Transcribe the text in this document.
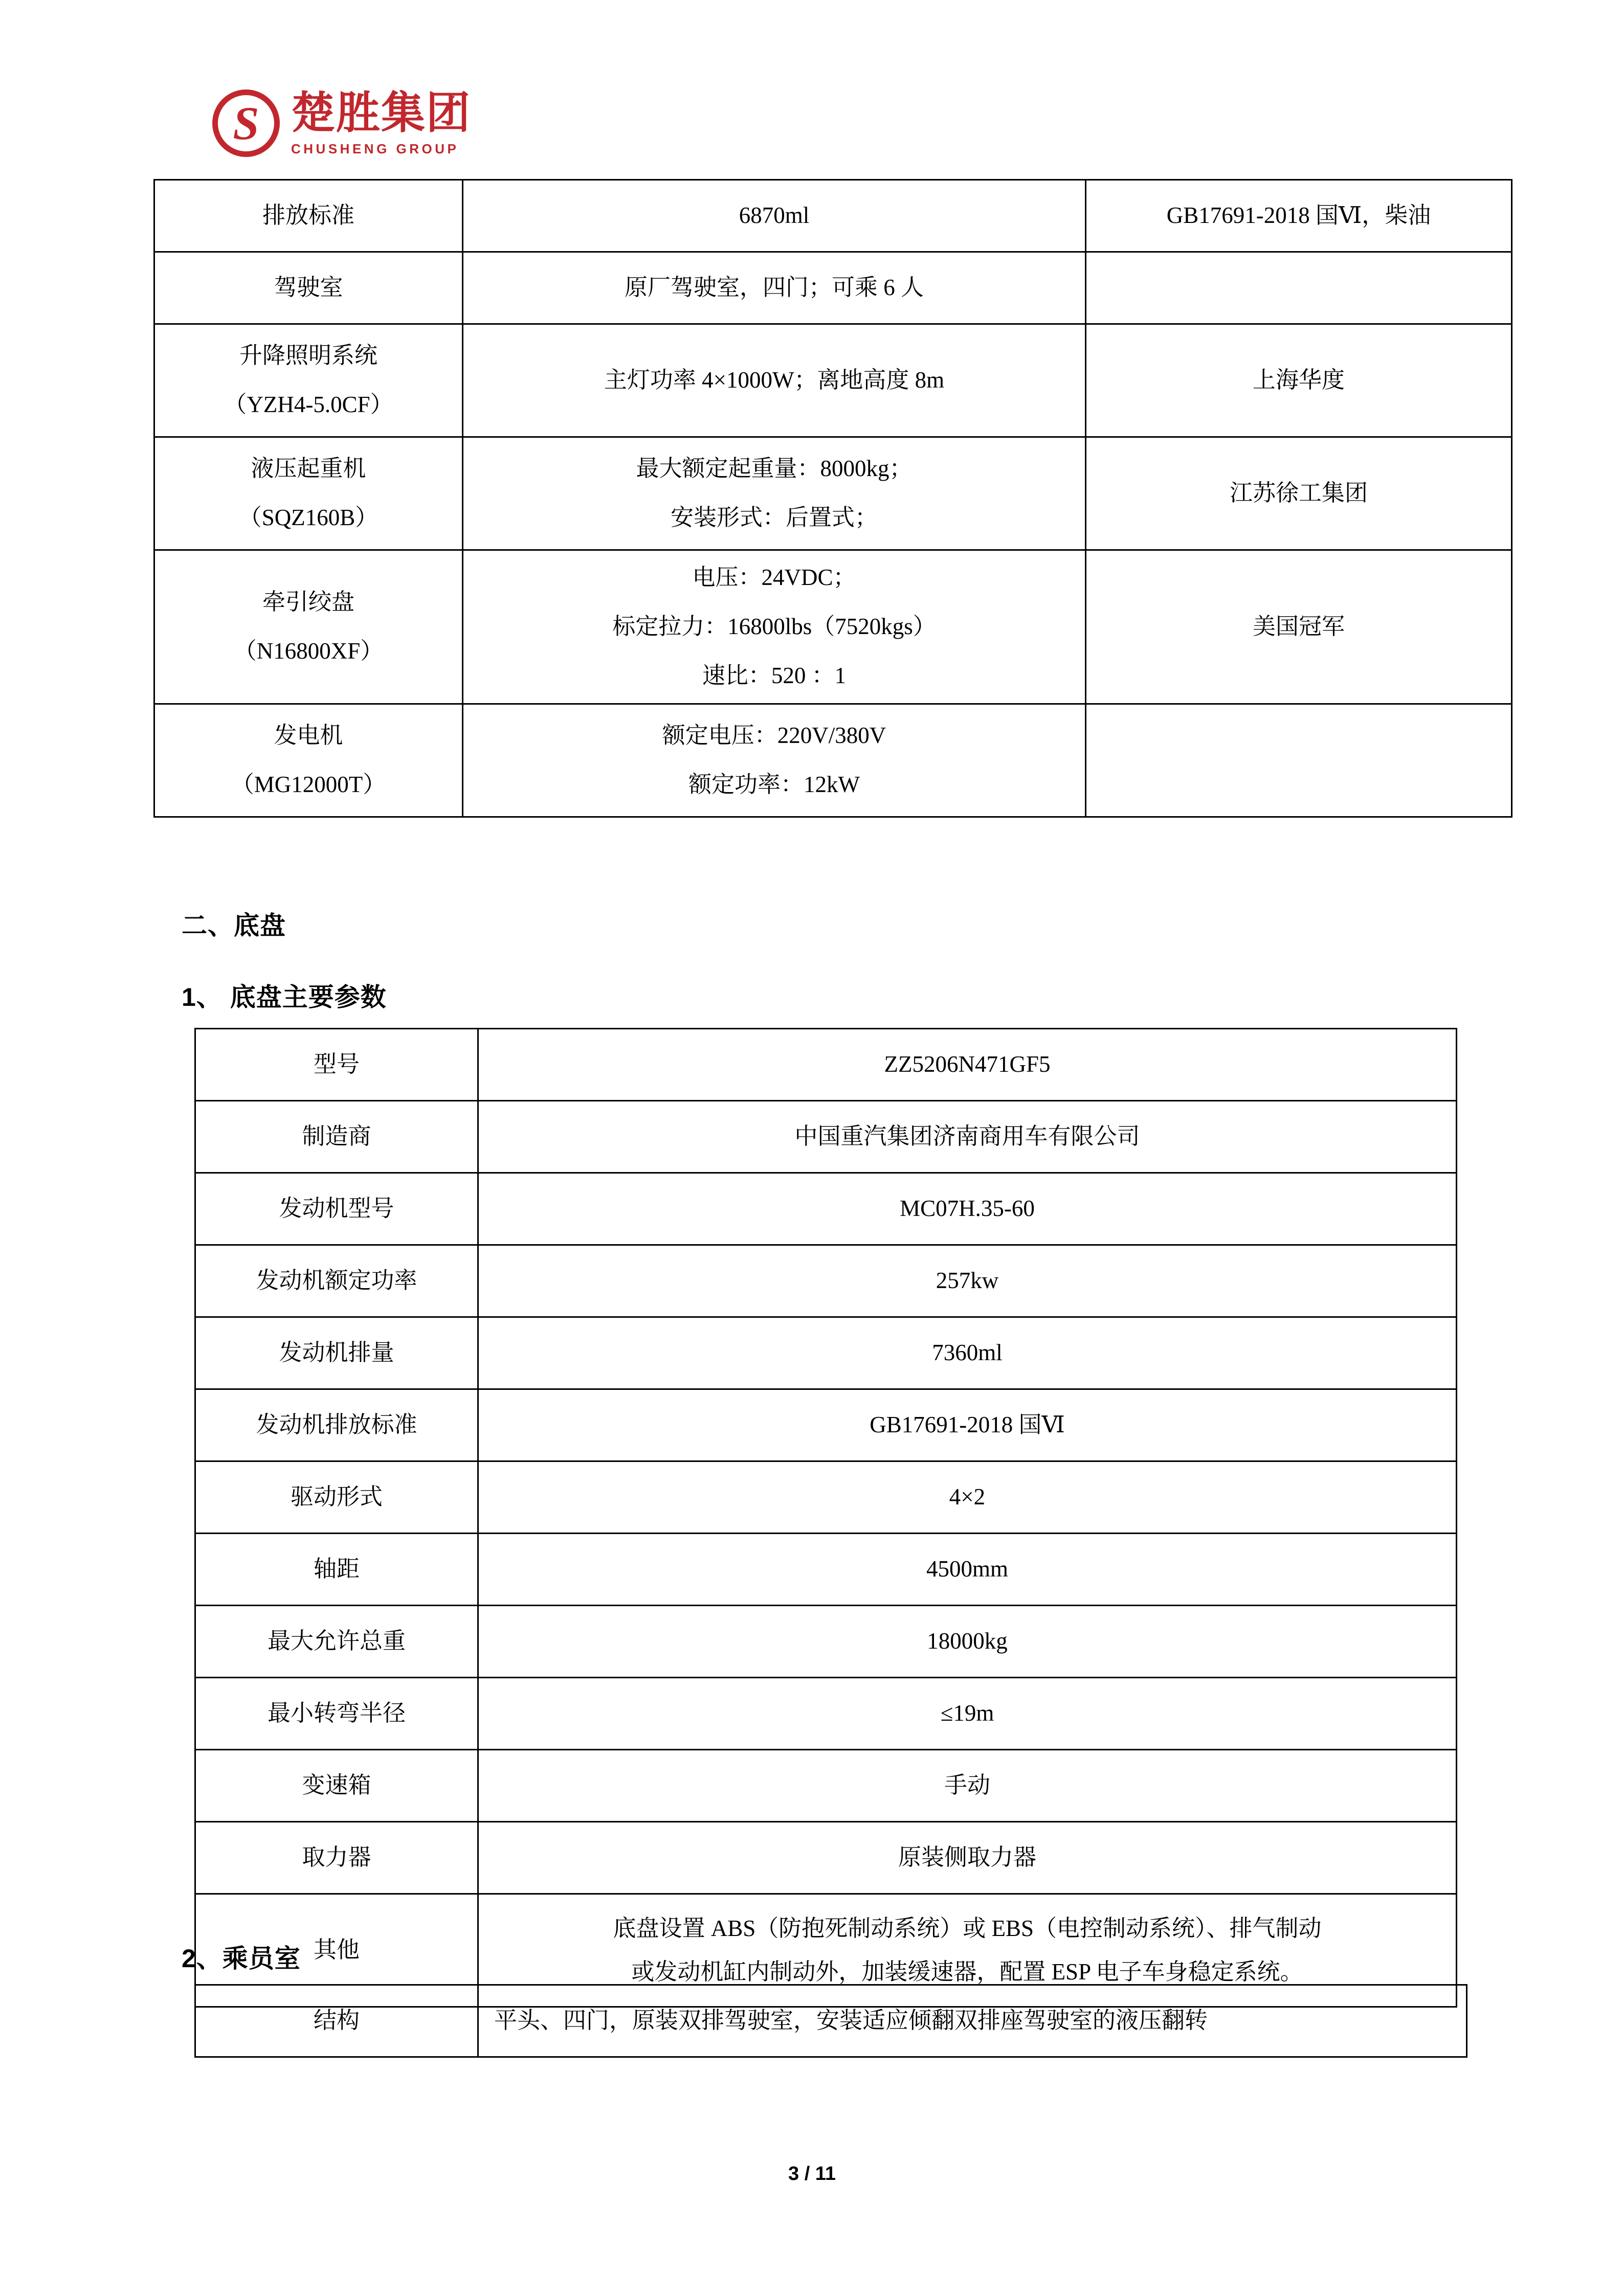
S
楚胜集团
CHUSHENG GROUP
排放标准	6870ml	GB17691-2018 国Ⅵ，柴油
驾驶室	原厂驾驶室，四门；可乘 6 人	

升降照明系统
（YZH4-5.0CF）	主灯功率 4×1000W；离地高度 8m	上海华度

液压起重机
（SQZ160B）	最大额定起重量：8000kg；
安装形式：后置式；	江苏徐工集团

牵引绞盘
（N16800XF）	电压：24VDC；
标定拉力：16800lbs（7520kgs）
速比：520 ：1	美国冠军

发电机
（MG12000T）	额定电压：220V/380V
额定功率：12kW	

二、底盘
1、 底盘主要参数
型号	ZZ5206N471GF5
制造商	中国重汽集团济南商用车有限公司
发动机型号	MC07H.35-60
发动机额定功率	257kw
发动机排量	7360ml
发动机排放标准	GB17691-2018 国Ⅵ
驱动形式	4×2
轴距	4500mm
最大允许总重	18000kg
最小转弯半径	≤19m
变速箱	手动
取力器	原装侧取力器
其他	底盘设置 ABS（防抱死制动系统）或 EBS（电控制动系统）、排气制动
或发动机缸内制动外，加装缓速器，配置 ESP 电子车身稳定系统。
2、乘员室
结构	平头、四门，原装双排驾驶室，安装适应倾翻双排座驾驶室的液压翻转
3 / 11
